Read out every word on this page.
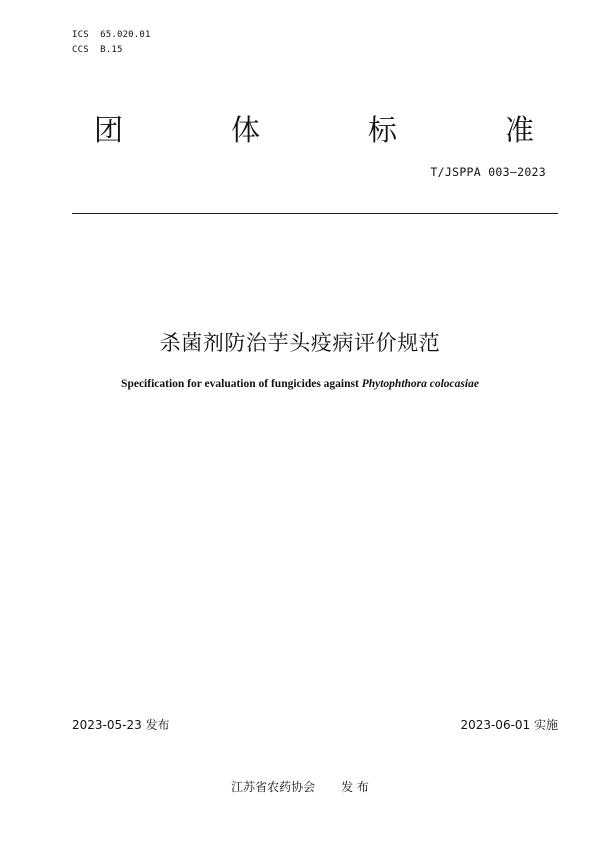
ICS  65.020.01
CCS  B.15
团	体	标	准
T/JSPPA 003—2023
杀菌剂防治芋头疫病评价规范
Specification for evaluation of fungicides against Phytophthora colocasiae
2023-05-23 发布	2023-06-01 实施
江苏省农药协会 发 布
